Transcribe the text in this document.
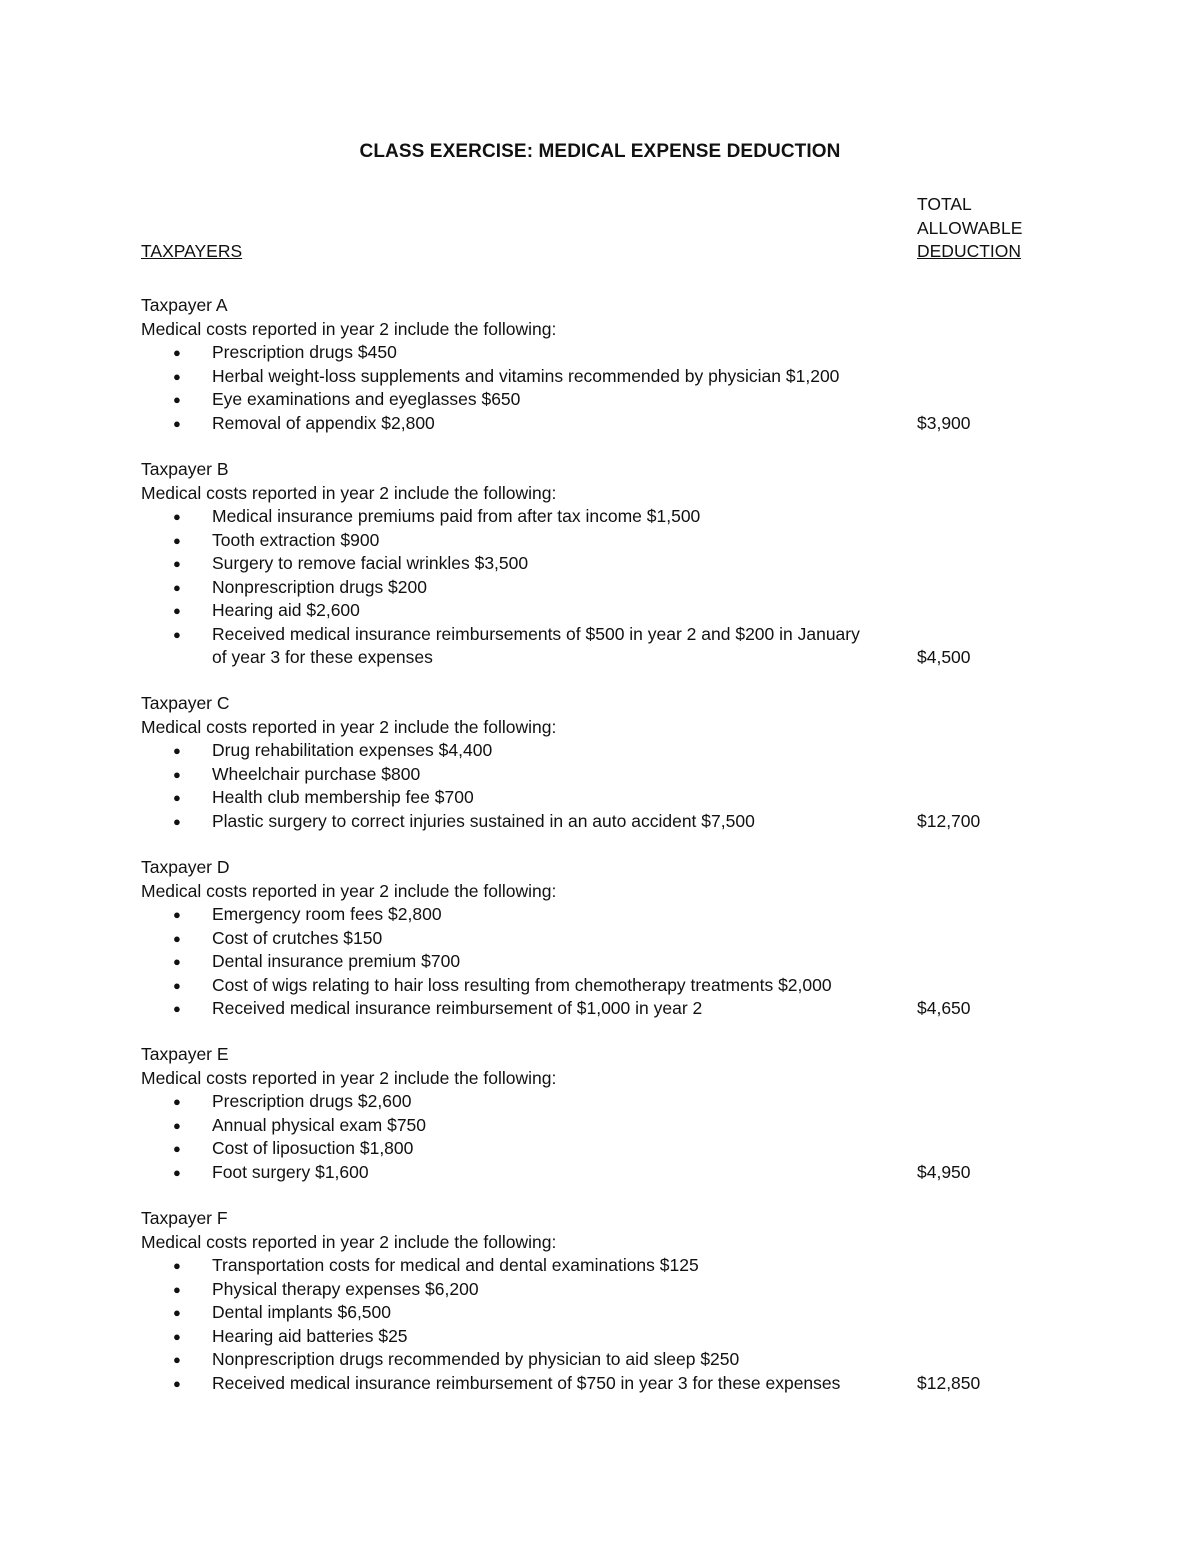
CLASS EXERCISE: MEDICAL EXPENSE DEDUCTION
TAXPAYERS
TOTAL
ALLOWABLE
DEDUCTION

Taxpayer A

Medical costs reported in year 2 include the following:

● Prescription drugs $450
● Herbal weight-loss supplements and vitamins recommended by physician $1,200
● Eye examinations and eyeglasses $650
● Removal of appendix $2,800	$3,900

Taxpayer B

Medical costs reported in year 2 include the following:

● Medical insurance premiums paid from after tax income $1,500
● Tooth extraction $900
● Surgery to remove facial wrinkles $3,500
● Nonprescription drugs $200
● Hearing aid $2,600
● Received medical insurance reimbursements of $500 in year 2 and $200 in January of year 3 for these expenses	$4,500

Taxpayer C

Medical costs reported in year 2 include the following:

● Drug rehabilitation expenses $4,400
● Wheelchair purchase $800
● Health club membership fee $700
● Plastic surgery to correct injuries sustained in an auto accident $7,500	$12,700

Taxpayer D

Medical costs reported in year 2 include the following:

● Emergency room fees $2,800
● Cost of crutches $150
● Dental insurance premium $700
● Cost of wigs relating to hair loss resulting from chemotherapy treatments $2,000
● Received medical insurance reimbursement of $1,000 in year 2	$4,650

Taxpayer E

Medical costs reported in year 2 include the following:

● Prescription drugs $2,600
● Annual physical exam $750
● Cost of liposuction $1,800
● Foot surgery $1,600	$4,950

Taxpayer F

Medical costs reported in year 2 include the following:

● Transportation costs for medical and dental examinations $125
● Physical therapy expenses $6,200
● Dental implants $6,500
● Hearing aid batteries $25
● Nonprescription drugs recommended by physician to aid sleep $250
● Received medical insurance reimbursement of $750 in year 3 for these expenses	$12,850
